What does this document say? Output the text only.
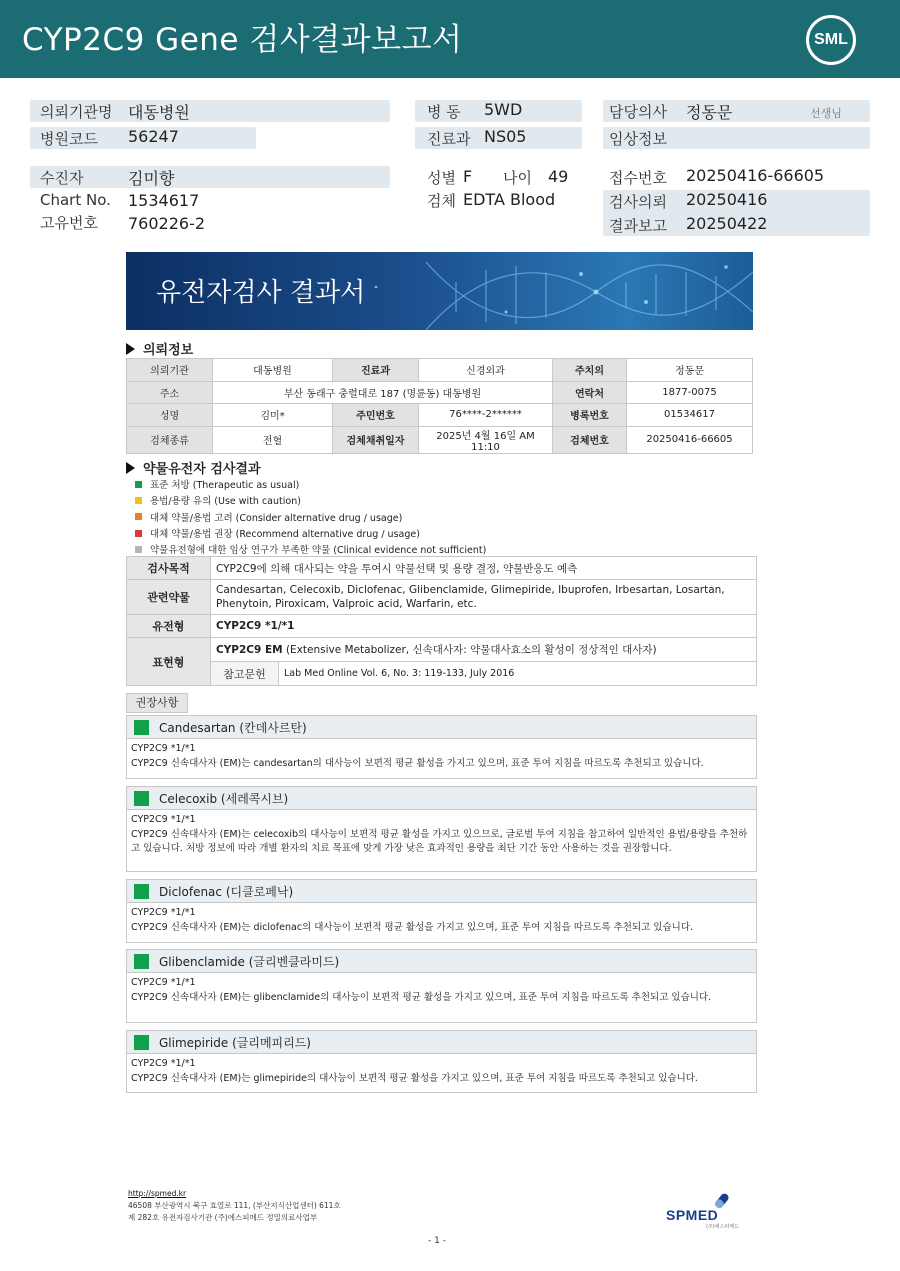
CYP2C9 Gene 검사결과보고서	SML
의뢰기관명 대동병원
병원코드 56247
수진자	김미향
Chart No. 1534617
고유번호 760226-2
병 동 5WD
진료과 NS05
성별 F 나이 49
검체 EDTA Blood
담당의사 정동문	선생님
임상정보
접수번호 20250416-66605
검사의뢰 20250416
결과보고 20250422
유전자검사 결과서
의뢰정보
의뢰기관	대동병원	진료과	신경외과	주치의	정동문
주소	부산 동래구 충렬대로 187 (명륜동) 대동병원			연락처	1877-0075
성명	김미*	주민번호	76****-2******	병록번호	01534617
검체종류	전혈	검체채취일자	2025년 4월 16일 AM 11:10	검체번호	20250416-66605
약물유전자 검사결과
표준 처방 (Therapeutic as usual)
용법/용량 유의 (Use with caution)
대체 약물/용법 고려 (Consider alternative drug / usage)
대체 약물/용법 권장 (Recommend alternative drug / usage)
약물유전형에 대한 임상 연구가 부족한 약물 (Clinical evidence not sufficient)
검사목적	CYP2C9에 의해 대사되는 약을 투여시 약물선택 및 용량 결정, 약물반응도 예측	
관련약물	Candesartan, Celecoxib, Diclofenac, Glibenclamide, Glimepiride, Ibuprofen, Irbesartan, Losartan, Phenytoin, Piroxicam, Valproic acid, Warfarin, etc.	
유전형	CYP2C9 *1/*1	
표현형	CYP2C9 EM (Extensive Metabolizer, 신속대사자: 약물대사효소의 활성이 정상적인 대사자)	
	참고문헌	Lab Med Online Vol. 6, No. 3: 119-133, July 2016
권장사항
Candesartan (칸데사르탄)
CYP2C9 *1/*1
CYP2C9 신속대사자 (EM)는 candesartan의 대사능이 보편적 평균 활성을 가지고 있으며, 표준 투여 지침을 따르도록 추천되고 있습니다.
Celecoxib (세레콕시브)
CYP2C9 *1/*1
CYP2C9 신속대사자 (EM)는 celecoxib의 대사능이 보편적 평균 활성을 가지고 있으므로, 글로벌 투여 지침을 참고하여 일반적인 용법/용량을 추천하고 있습니다. 처방 정보에 따라 개별 환자의 치료 목표에 맞게 가장 낮은 효과적인 용량을 최단 기간 동안 사용하는 것을 권장합니다.
Diclofenac (디클로페낙)
CYP2C9 *1/*1
CYP2C9 신속대사자 (EM)는 diclofenac의 대사능이 보편적 평균 활성을 가지고 있으며, 표준 투여 지침을 따르도록 추천되고 있습니다.
Glibenclamide (글리벤클라미드)
CYP2C9 *1/*1
CYP2C9 신속대사자 (EM)는 glibenclamide의 대사능이 보편적 평균 활성을 가지고 있으며, 표준 투여 지침을 따르도록 추천되고 있습니다.
Glimepiride (글리메피리드)
CYP2C9 *1/*1
CYP2C9 신속대사자 (EM)는 glimepiride의 대사능이 보편적 평균 활성을 가지고 있으며, 표준 투여 지침을 따르도록 추천되고 있습니다.
http://spmed.kr
46508 부산광역시 북구 효열로 111, (부산지식산업센터) 611호
제 282호 유전자검사기관 (주)에스피메드 정밀의료사업부	SPMED
(주)에스피메드
- 1 -
